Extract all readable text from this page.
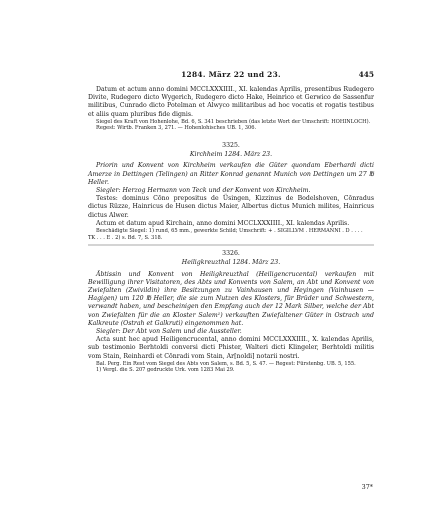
1284. März 22 und 23.	445

Datum et actum anno domini MCCLXXXIIII., XI. kalendas Aprilis, presentibus Rudegero Divite, Rudegero dicto Wygerich, Rudegero dicto Hake, Heinrico et Gerwico de Sassenfur militibus, Cunrado dicto Potelman et Alwyco militaribus ad hoc vocatis et rogatis testibus et aliis quam pluribus fide dignis.

Siegel des Kraft von Hohenlohe, Bd. 6, S. 341 beschrieben (das letzte Wort der Umschrift: HOHINLOCH).

Regest: Wirtb. Franken 3, 271. — Hohenlohisches UB. 1, 306.

3325.
Kirchheim 1284. März 23.

Priorin und Konvent von Kirchheim verkaufen die Güter quondam Eberhardi dicti Amerze in Dettingen (Telingen) an Ritter Konrad genannt Munich von Dettingen um 27 ℔ Heller.

Siegler: Herzog Hermann von Teck und der Konvent von Kirchheim.

Testes: dominus Cōno prepositus de Üsingen, Kizzinus de Bodelshoven, Cōnradus dictus Rüzze, Hainricus de Husen dictus Maier, Albertus dictus Munich milites, Hainricus dictus Alwer.

Actum et datum apud Kirchain, anno domini MCCLXXXIIII., XI. kalendas Aprilis.

Beschädigte Siegel: 1) rund, 65 mm., gewerkte Schild; Umschrift: + . SIGILLVM . HERMANNI . D . . . .

TK . . . E . 2) s. Bd. 7, S. 318.

3326.
Heiligkreuzthal 1284. März 23.

Äbtissin und Konvent von Heiligkreuzthal (Heiligencrucental) verkaufen mit Bewilligung ihrer Visitatoren, des Abts und Konvents von Salem, an Abt und Konvent von Zwiefalten (Zwivildin) ihre Besitzungen zu Vainhausen und Heyingen (Vainhusen — Hagigen) um 120 ℔ Heller, die sie zum Nutzen des Klosters, für Brüder und Schwestern, verwandt haben, und bescheinigen den Empfang auch der 12 Mark Silber, welche der Abt von Zwiefalten für die an Kloster Salem¹) verkauften Zwiefaltener Güter in Ostrach und Kalkreute (Ostrah et Galkruti) eingenommen hat.

Siegler: Der Abt von Salem und die Aussteller.

Acta sunt hec apud Heiligencrucental, anno domini MCCLXXXIIII., X. kalendas Aprilis, sub testimonio Berhtoldi conversi dicti Phister, Walteri dicti Klingeler, Berhtoldi militis vom Stain, Reinhardi et Cōnradi vom Stain, Ar[noldi] notarii nostri.

Bal. Perg. Ein Rest vom Siegel des Abts von Salem, s. Bd. 5, S. 47. — Regest: Fürstenbg. UB. 5, 155.

1) Vergl. die S. 207 gedruckte Urk. vom 1283 Mai 29.

37*
